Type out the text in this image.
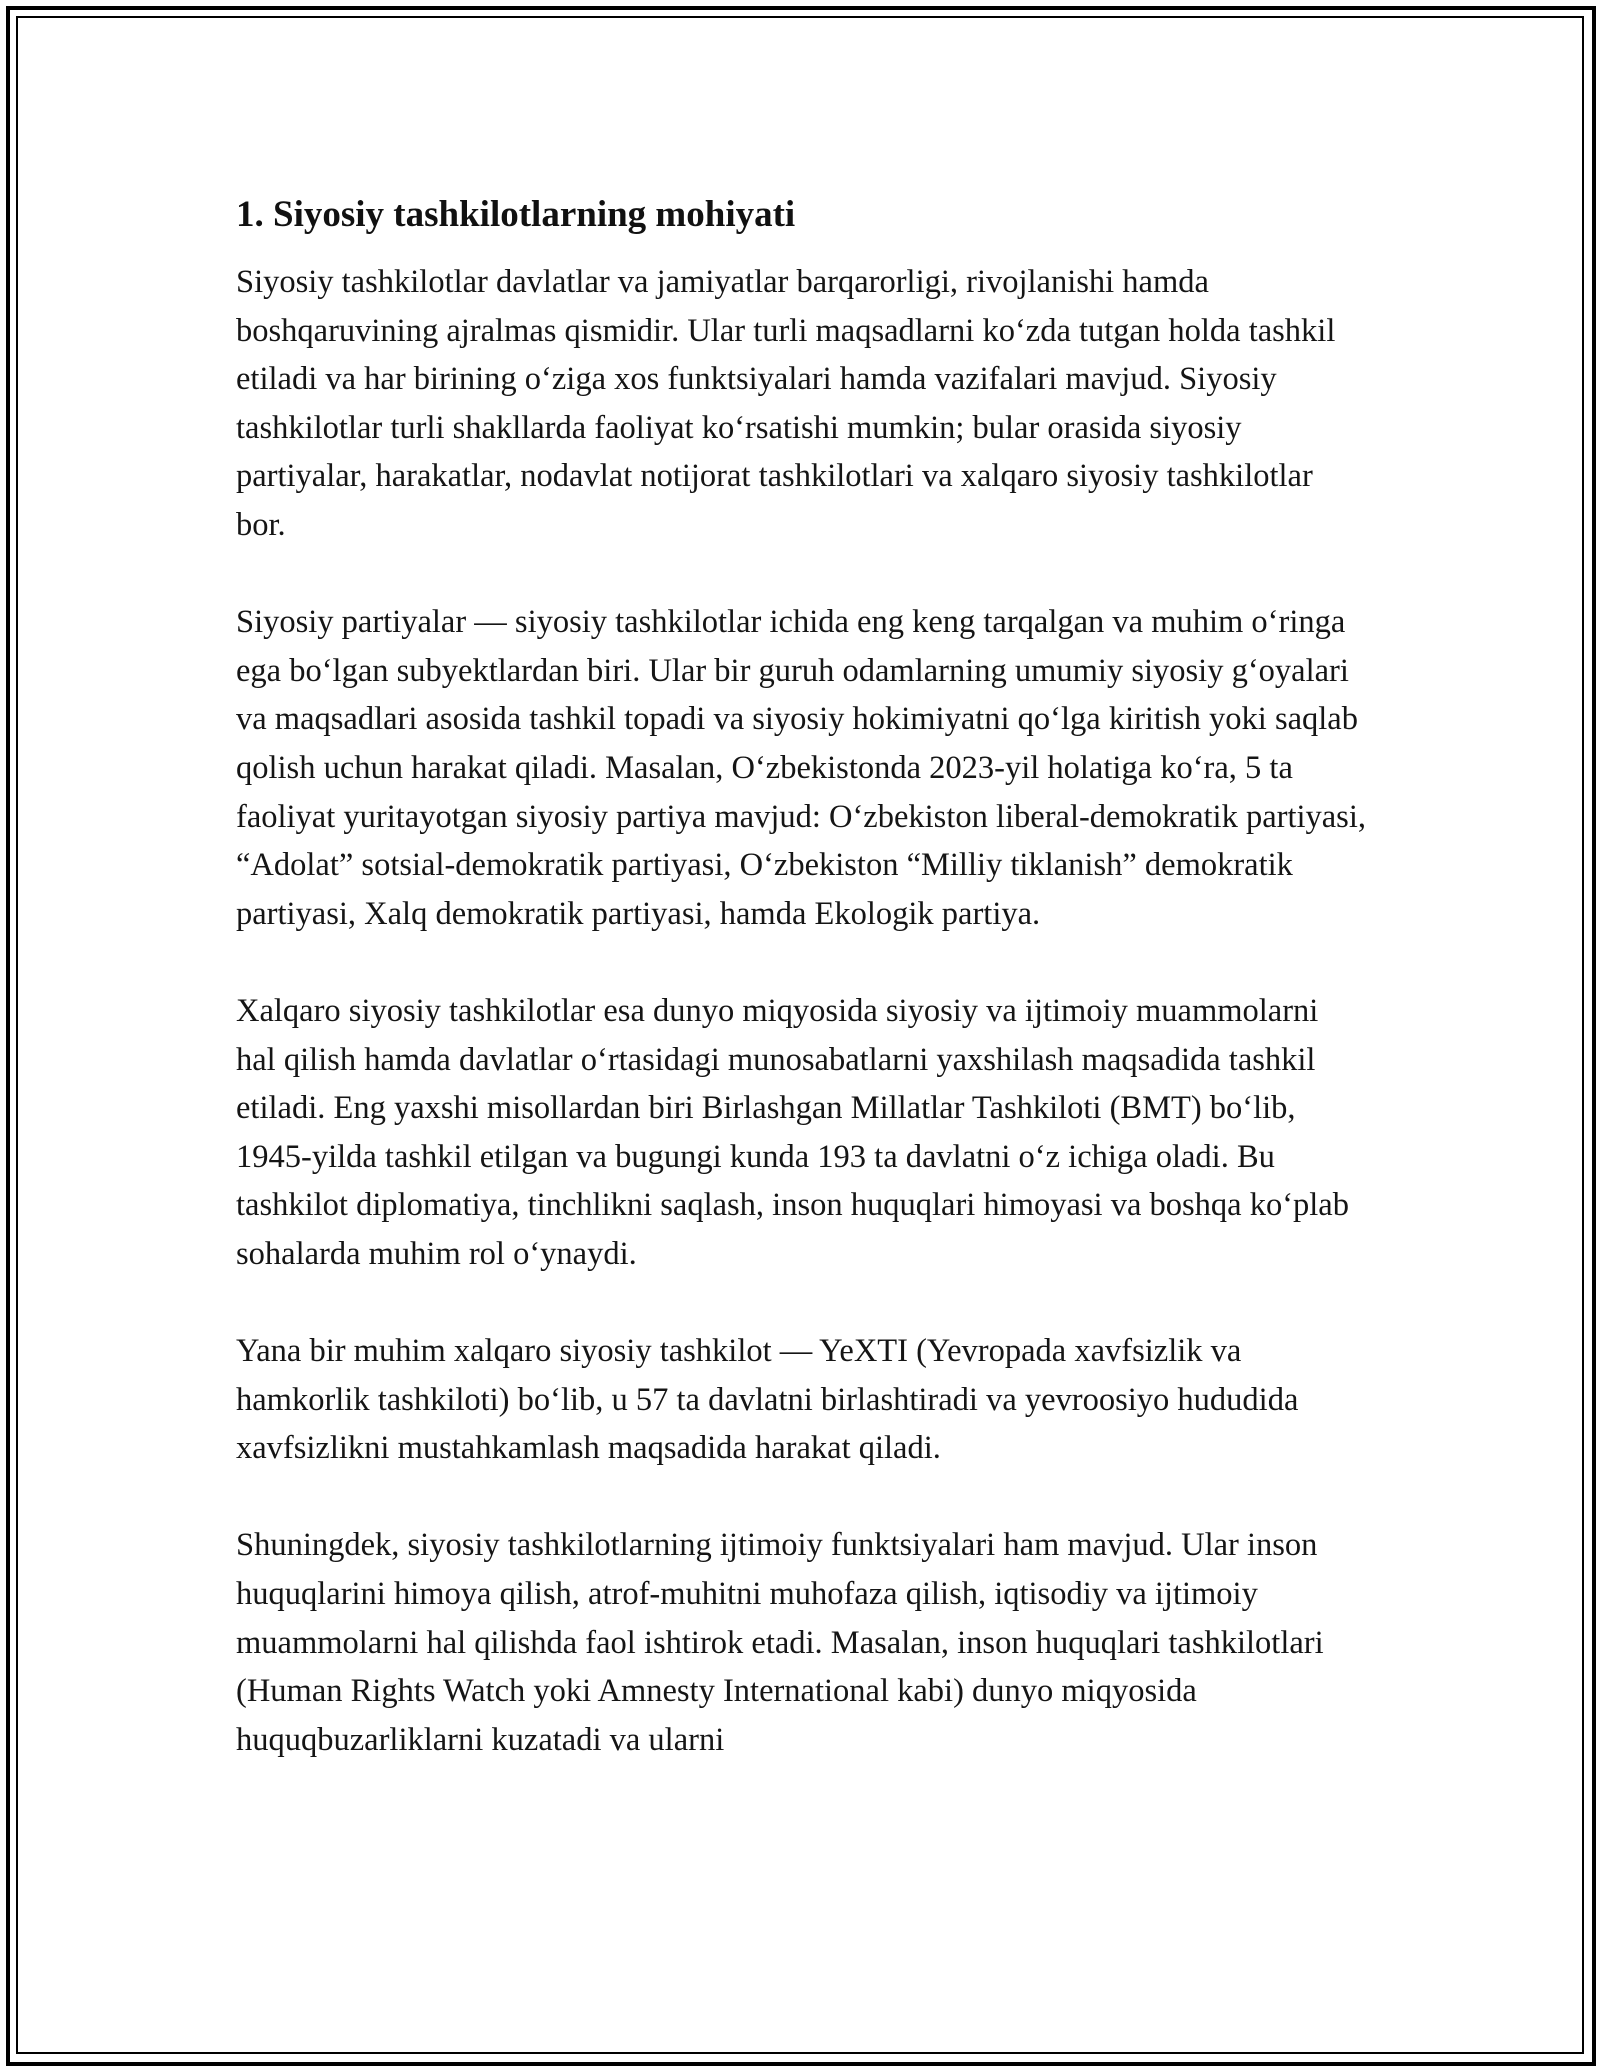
1. Siyosiy tashkilotlarning mohiyati

Siyosiy tashkilotlar davlatlar va jamiyatlar barqarorligi, rivojlanishi hamda boshqaruvining ajralmas qismidir. Ular turli maqsadlarni koʻzda tutgan holda tashkil etiladi va har birining oʻziga xos funktsiyalari hamda vazifalari mavjud. Siyosiy tashkilotlar turli shakllarda faoliyat koʻrsatishi mumkin; bular orasida siyosiy partiyalar, harakatlar, nodavlat notijorat tashkilotlari va xalqaro siyosiy tashkilotlar bor.

Siyosiy partiyalar — siyosiy tashkilotlar ichida eng keng tarqalgan va muhim oʻringa ega boʻlgan subyektlardan biri. Ular bir guruh odamlarning umumiy siyosiy gʻoyalari va maqsadlari asosida tashkil topadi va siyosiy hokimiyatni qoʻlga kiritish yoki saqlab qolish uchun harakat qiladi. Masalan, Oʻzbekistonda 2023-yil holatiga koʻra, 5 ta faoliyat yuritayotgan siyosiy partiya mavjud: Oʻzbekiston liberal-demokratik partiyasi, “Adolat” sotsial-demokratik partiyasi, Oʻzbekiston “Milliy tiklanish” demokratik partiyasi, Xalq demokratik partiyasi, hamda Ekologik partiya.

Xalqaro siyosiy tashkilotlar esa dunyo miqyosida siyosiy va ijtimoiy muammolarni hal qilish hamda davlatlar oʻrtasidagi munosabatlarni yaxshilash maqsadida tashkil etiladi. Eng yaxshi misollardan biri Birlashgan Millatlar Tashkiloti (BMT) boʻlib, 1945-yilda tashkil etilgan va bugungi kunda 193 ta davlatni oʻz ichiga oladi. Bu tashkilot diplomatiya, tinchlikni saqlash, inson huquqlari himoyasi va boshqa koʻplab sohalarda muhim rol oʻynaydi.

Yana bir muhim xalqaro siyosiy tashkilot — YeXTI (Yevropada xavfsizlik va hamkorlik tashkiloti) boʻlib, u 57 ta davlatni birlashtiradi va yevroosiyo hududida xavfsizlikni mustahkamlash maqsadida harakat qiladi.

Shuningdek, siyosiy tashkilotlarning ijtimoiy funktsiyalari ham mavjud. Ular inson huquqlarini himoya qilish, atrof-muhitni muhofaza qilish, iqtisodiy va ijtimoiy muammolarni hal qilishda faol ishtirok etadi. Masalan, inson huquqlari tashkilotlari (Human Rights Watch yoki Amnesty International kabi) dunyo miqyosida huquqbuzarliklarni kuzatadi va ularni
